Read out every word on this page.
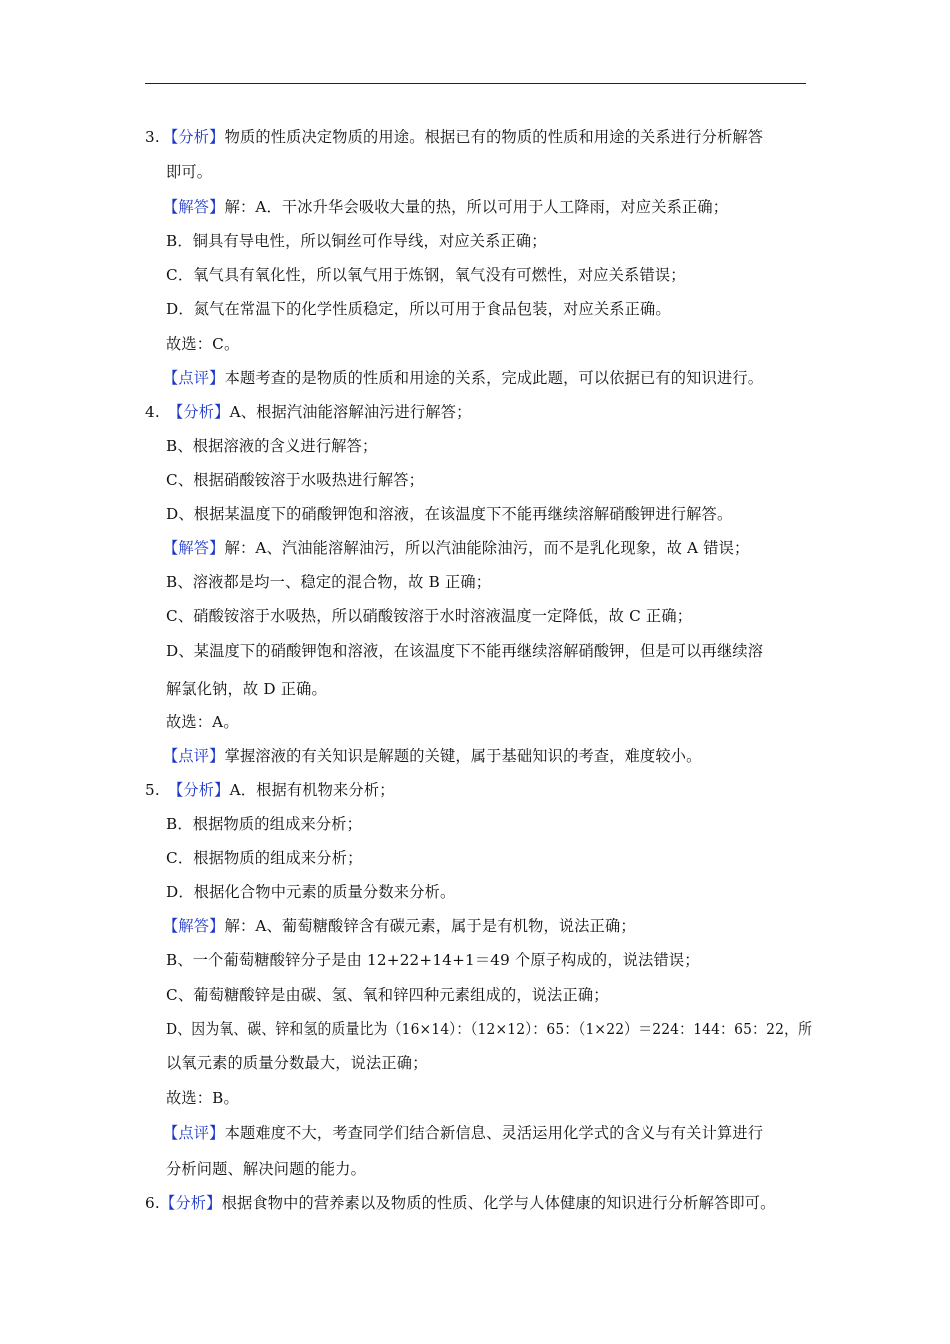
3. 【分析】物质的性质决定物质的用途。根据已有的物质的性质和用途的关系进行分析解答
即可。
【解答】解：A．干冰升华会吸收大量的热，所以可用于人工降雨，对应关系正确；
B．铜具有导电性，所以铜丝可作导线，对应关系正确；
C．氧气具有氧化性，所以氧气用于炼钢，氧气没有可燃性，对应关系错误；
D．氮气在常温下的化学性质稳定，所以可用于食品包装，对应关系正确。
故选：C。
【点评】本题考查的是物质的性质和用途的关系，完成此题，可以依据已有的知识进行。
4. 【分析】A、根据汽油能溶解油污进行解答；
B、根据溶液的含义进行解答；
C、根据硝酸铵溶于水吸热进行解答；
D、根据某温度下的硝酸钾饱和溶液，在该温度下不能再继续溶解硝酸钾进行解答。
【解答】解：A、汽油能溶解油污，所以汽油能除油污，而不是乳化现象，故 A 错误；
B、溶液都是均一、稳定的混合物，故 B 正确；
C、硝酸铵溶于水吸热，所以硝酸铵溶于水时溶液温度一定降低，故 C 正确；
D、某温度下的硝酸钾饱和溶液，在该温度下不能再继续溶解硝酸钾，但是可以再继续溶
解氯化钠，故 D 正确。
故选：A。
【点评】掌握溶液的有关知识是解题的关键，属于基础知识的考查，难度较小。
5. 【分析】A．根据有机物来分析；
B．根据物质的组成来分析；
C．根据物质的组成来分析；
D．根据化合物中元素的质量分数来分析。
【解答】解：A、葡萄糖酸锌含有碳元素，属于是有机物，说法正确；
B、一个葡萄糖酸锌分子是由 12+22+14+1＝49 个原子构成的，说法错误；
C、葡萄糖酸锌是由碳、氢、氧和锌四种元素组成的，说法正确；
D、因为氧、碳、锌和氢的质量比为（16×14）：（12×12）：65：（1×22）＝224：144：65：22，所
以氧元素的质量分数最大，说法正确；
故选：B。
【点评】本题难度不大，考查同学们结合新信息、灵活运用化学式的含义与有关计算进行
分析问题、解决问题的能力。
6. 【分析】根据食物中的营养素以及物质的性质、化学与人体健康的知识进行分析解答即可。
